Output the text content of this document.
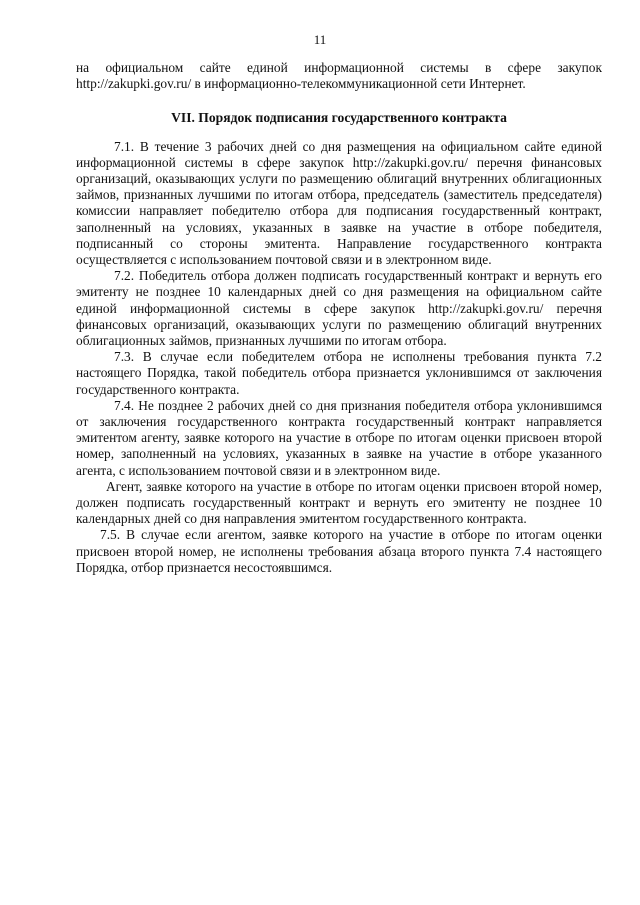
11

на официальном сайте единой информационной системы в сфере закупок http://zakupki.gov.ru/ в информационно-телекоммуникационной сети Интернет.

VII. Порядок подписания государственного контракта

7.1. В течение 3 рабочих дней со дня размещения на официальном сайте единой информационной системы в сфере закупок http://zakupki.gov.ru/ перечня финансовых организаций, оказывающих услуги по размещению облигаций внутренних облигационных займов, признанных лучшими по итогам отбора, председатель (заместитель председателя) комиссии направляет победителю отбора для подписания государственный контракт, заполненный на условиях, указанных в заявке на участие в отборе победителя, подписанный со стороны эмитента. Направление государственного контракта осуществляется с использованием почтовой связи и в электронном виде.

7.2. Победитель отбора должен подписать государственный контракт и вернуть его эмитенту не позднее 10 календарных дней со дня размещения на официальном сайте единой информационной системы в сфере закупок http://zakupki.gov.ru/ перечня финансовых организаций, оказывающих услуги по размещению облигаций внутренних облигационных займов, признанных лучшими по итогам отбора.

7.3. В случае если победителем отбора не исполнены требования пункта 7.2 настоящего Порядка, такой победитель отбора признается уклонившимся от заключения государственного контракта.

7.4. Не позднее 2 рабочих дней со дня признания победителя отбора уклонившимся от заключения государственного контракта государственный контракт направляется эмитентом агенту, заявке которого на участие в отборе по итогам оценки присвоен второй номер, заполненный на условиях, указанных в заявке на участие в отборе указанного агента, с использованием почтовой связи и в электронном виде.

Агент, заявке которого на участие в отборе по итогам оценки присвоен второй номер, должен подписать государственный контракт и вернуть его эмитенту не позднее 10 календарных дней со дня направления эмитентом государственного контракта.

7.5. В случае если агентом, заявке которого на участие в отборе по итогам оценки присвоен второй номер, не исполнены требования абзаца второго пункта 7.4 настоящего Порядка, отбор признается несостоявшимся.
